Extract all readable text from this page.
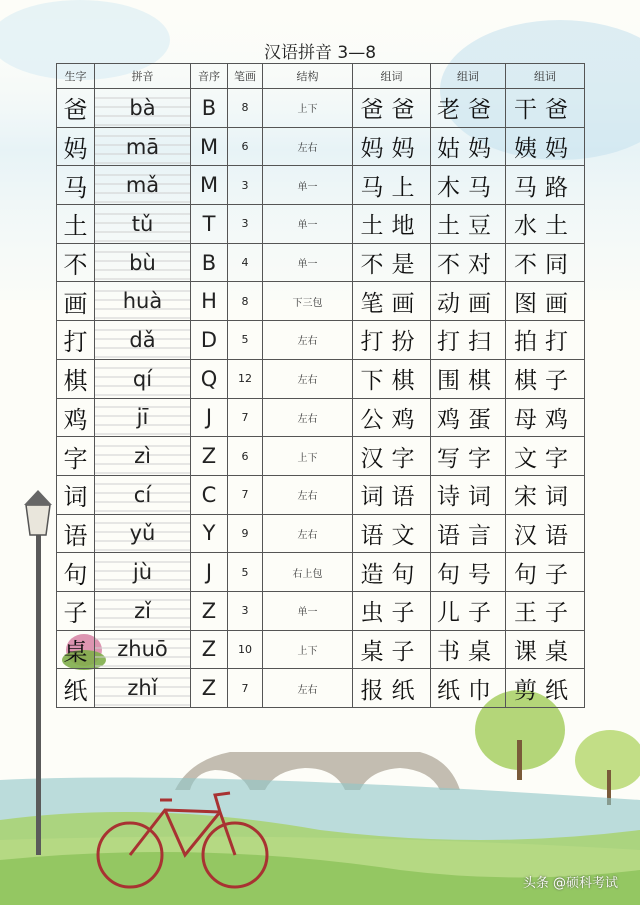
汉语拼音 3—8
生字	拼音	音序	笔画	结构	组词	组词	组词
爸	bà	B	8	上下	爸爸	老爸	干爸
妈	mā	M	6	左右	妈妈	姑妈	姨妈
马	mǎ	M	3	单一	马上	木马	马路
土	tǔ	T	3	单一	土地	土豆	水土
不	bù	B	4	单一	不是	不对	不同
画	huà	H	8	下三包	笔画	动画	图画
打	dǎ	D	5	左右	打扮	打扫	拍打
棋	qí	Q	12	左右	下棋	围棋	棋子
鸡	jī	J	7	左右	公鸡	鸡蛋	母鸡
字	zì	Z	6	上下	汉字	写字	文字
词	cí	C	7	左右	词语	诗词	宋词
语	yǔ	Y	9	左右	语文	语言	汉语
句	jù	J	5	右上包	造句	句号	句子
子	zǐ	Z	3	单一	虫子	儿子	王子
桌	zhuō	Z	10	上下	桌子	书桌	课桌
纸	zhǐ	Z	7	左右	报纸	纸巾	剪纸
头条 @硕科考试
